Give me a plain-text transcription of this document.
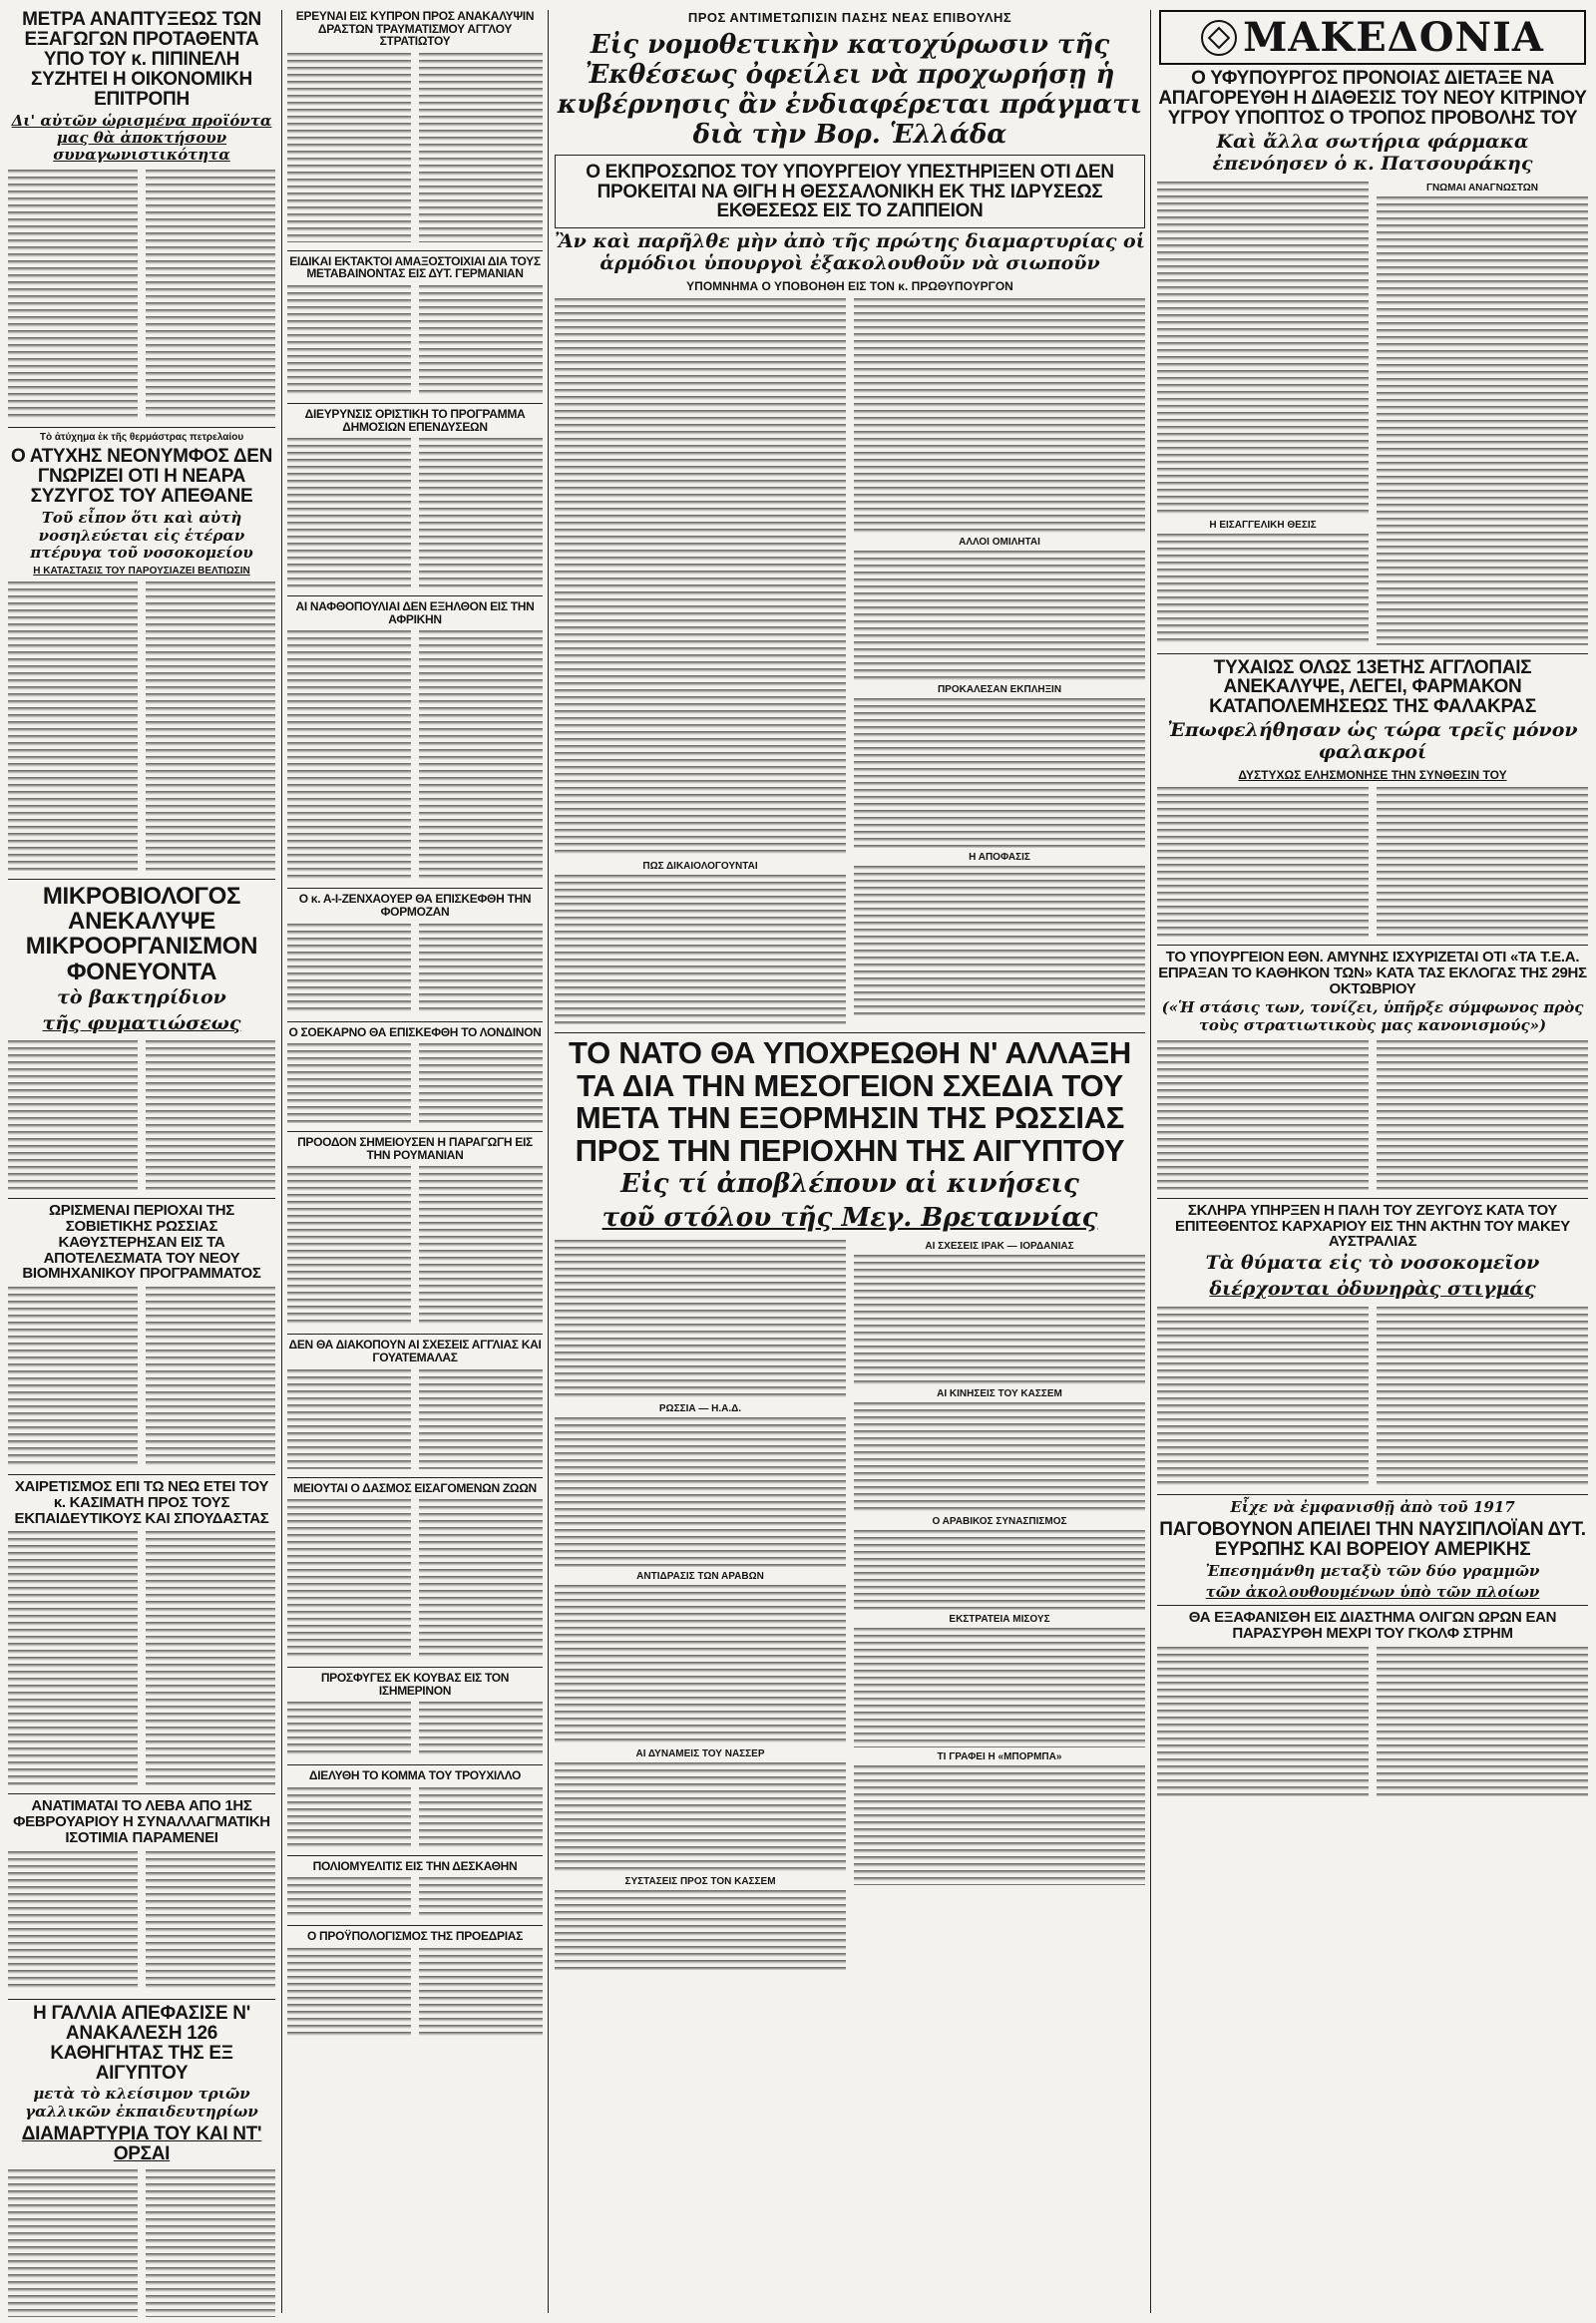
ΜΕΤΡΑ ΑΝΑΠΤΥΞΕΩΣ ΤΩΝ ΕΞΑΓΩΓΩΝ ΠΡΟΤΑΘΕΝΤΑ ΥΠΟ ΤΟΥ κ. ΠΙΠΙΝΕΛΗ ΣΥΖΗΤΕΙ Η ΟΙΚΟΝΟΜΙΚΗ ΕΠΙΤΡΟΠΗ
Δι' αὐτῶν ὡρισμένα προϊόντα μας θὰ ἀποκτήσουν συναγωνιστικότητα
Τὸ ἀτύχημα ἐκ τῆς θερμάστρας πετρελαίου
Ο ΑΤΥΧΗΣ ΝΕΟΝΥΜΦΟΣ ΔΕΝ ΓΝΩΡΙΖΕΙ ΟΤΙ Η ΝΕΑΡΑ ΣΥΖΥΓΟΣ ΤΟΥ ΑΠΕΘΑΝΕ
Τοῦ εἶπον ὅτι καὶ αὐτὴ νοσηλεύεται εἰς ἑτέραν πτέρυγα τοῦ νοσοκομείου
Η ΚΑΤΑΣΤΑΣΙΣ ΤΟΥ ΠΑΡΟΥΣΙΑΖΕΙ ΒΕΛΤΙΩΣΙΝ
ΜΙΚΡΟΒΙΟΛΟΓΟΣ ΑΝΕΚΑΛΥΨΕ ΜΙΚΡΟΟΡΓΑΝΙΣΜΟΝ ΦΟΝΕΥΟΝΤΑ
τὸ βακτηρίδιον
τῆς φυματιώσεως
ΩΡΙΣΜΕΝΑΙ ΠΕΡΙΟΧΑΙ ΤΗΣ ΣΟΒΙΕΤΙΚΗΣ ΡΩΣΣΙΑΣ ΚΑΘΥΣΤΕΡΗΣΑΝ ΕΙΣ ΤΑ ΑΠΟΤΕΛΕΣΜΑΤΑ ΤΟΥ ΝΕΟΥ ΒΙΟΜΗΧΑΝΙΚΟΥ ΠΡΟΓΡΑΜΜΑΤΟΣ
ΧΑΙΡΕΤΙΣΜΟΣ ΕΠΙ ΤΩ ΝΕΩ ΕΤΕΙ ΤΟΥ κ. ΚΑΣΙΜΑΤΗ ΠΡΟΣ ΤΟΥΣ ΕΚΠΑΙΔΕΥΤΙΚΟΥΣ ΚΑΙ ΣΠΟΥΔΑΣΤΑΣ
ΑΝΑΤΙΜΑΤΑΙ ΤΟ ΛΕΒΑ ΑΠΟ 1ΗΣ ΦΕΒΡΟΥΑΡΙΟΥ Η ΣΥΝΑΛΛΑΓΜΑΤΙΚΗ ΙΣΟΤΙΜΙΑ ΠΑΡΑΜΕΝΕΙ
Η ΓΑΛΛΙΑ ΑΠΕΦΑΣΙΣΕ Ν' ΑΝΑΚΑΛΕΣΗ 126 ΚΑΘΗΓΗΤΑΣ ΤΗΣ ΕΞ ΑΙΓΥΠΤΟΥ
μετὰ τὸ κλείσιμον τριῶν γαλλικῶν ἐκπαιδευτηρίων
ΔΙΑΜΑΡΤΥΡΙΑ ΤΟΥ ΚΑΙ ΝΤ' ΟΡΣΑΙ
ΕΡΕΥΝΑΙ ΕΙΣ ΚΥΠΡΟΝ ΠΡΟΣ ΑΝΑΚΑΛΥΨΙΝ ΔΡΑΣΤΩΝ ΤΡΑΥΜΑΤΙΣΜΟΥ ΑΓΓΛΟΥ ΣΤΡΑΤΙΩΤΟΥ
ΕΙΔΙΚΑΙ ΕΚΤΑΚΤΟΙ ΑΜΑΞΟΣΤΟΙΧΙΑΙ ΔΙΑ ΤΟΥΣ ΜΕΤΑΒΑΙΝΟΝΤΑΣ ΕΙΣ ΔΥΤ. ΓΕΡΜΑΝΙΑΝ
ΔΙΕΥΡΥΝΣΙΣ ΟΡΙΣΤΙΚΗ ΤΟ ΠΡΟΓΡΑΜΜΑ ΔΗΜΟΣΙΩΝ ΕΠΕΝΔΥΣΕΩΝ
ΑΙ ΝΑΦΘΟΠΟΥΛΙΑΙ ΔΕΝ ΕΞΗΛΘΟΝ ΕΙΣ ΤΗΝ ΑΦΡΙΚΗΝ
Ο κ. Α-Ι-ΖΕΝΧΑΟΥΕΡ ΘΑ ΕΠΙΣΚΕΦΘΗ ΤΗΝ ΦΟΡΜΟΖΑΝ
Ο ΣΟΕΚΑΡΝΟ ΘΑ ΕΠΙΣΚΕΦΘΗ ΤΟ ΛΟΝΔΙΝΟΝ
ΠΡΟΟΔΟΝ ΣΗΜΕΙΟΥΣΕΝ Η ΠΑΡΑΓΩΓΗ ΕΙΣ ΤΗΝ ΡΟΥΜΑΝΙΑΝ
ΔΕΝ ΘΑ ΔΙΑΚΟΠΟΥΝ ΑΙ ΣΧΕΣΕΙΣ ΑΓΓΛΙΑΣ ΚΑΙ ΓΟΥΑΤΕΜΑΛΑΣ
ΜΕΙΟΥΤΑΙ Ο ΔΑΣΜΟΣ ΕΙΣΑΓΟΜΕΝΩΝ ΖΩΩΝ
ΠΡΟΣΦΥΓΕΣ ΕΚ ΚΟΥΒΑΣ ΕΙΣ ΤΟΝ ΙΣΗΜΕΡΙΝΟΝ
ΔΙΕΛΥΘΗ ΤΟ ΚΟΜΜΑ ΤΟΥ ΤΡΟΥΧΙΛΛΟ
ΠΟΛΙΟΜΥΕΛΙΤΙΣ ΕΙΣ ΤΗΝ ΔΕΣΚΑΘΗΝ
Ο ΠΡΟΫΠΟΛΟΓΙΣΜΟΣ ΤΗΣ ΠΡΟΕΔΡΙΑΣ
ΠΡΟΣ ΑΝΤΙΜΕΤΩΠΙΣΙΝ ΠΑΣΗΣ ΝΕΑΣ ΕΠΙΒΟΥΛΗΣ
Εἰς νομοθετικὴν κατοχύρωσιν τῆς Ἐκθέσεως ὀφείλει νὰ προχωρήσῃ ἡ κυβέρνησις ἂν ἐνδιαφέρεται πράγματι διὰ τὴν Βορ. Ἑλλάδα
Ο ΕΚΠΡΟΣΩΠΟΣ ΤΟΥ ΥΠΟΥΡΓΕΙΟΥ ΥΠΕΣΤΗΡΙΞΕΝ ΟΤΙ ΔΕΝ ΠΡΟΚΕΙΤΑΙ ΝΑ ΘΙΓΗ Η ΘΕΣΣΑΛΟΝΙΚΗ ΕΚ ΤΗΣ ΙΔΡΥΣΕΩΣ ΕΚΘΕΣΕΩΣ ΕΙΣ ΤΟ ΖΑΠΠΕΙΟΝ
Ἂν καὶ παρῆλθε μὴν ἀπὸ τῆς πρώτης διαμαρτυρίας οἱ ἁρμόδιοι ὑπουργοὶ ἐξακολουθοῦν νὰ σιωποῦν
ΥΠΟΜΝΗΜΑ Ο ΥΠΟΒΟΗΘΗ ΕΙΣ ΤΟΝ κ. ΠΡΩΘΥΠΟΥΡΓΟΝ
ΠΩΣ ΔΙΚΑΙΟΛΟΓΟΥΝΤΑΙ
ΑΛΛΟΙ ΟΜΙΛΗΤΑΙ
ΠΡΟΚΑΛΕΣΑΝ ΕΚΠΛΗΞΙΝ
Η ΑΠΟΦΑΣΙΣ
ΤΟ ΝΑΤΟ ΘΑ ΥΠΟΧΡΕΩΘΗ Ν' ΑΛΛΑΞΗ ΤΑ ΔΙΑ ΤΗΝ ΜΕΣΟΓΕΙΟΝ ΣΧΕΔΙΑ ΤΟΥ ΜΕΤΑ ΤΗΝ ΕΞΟΡΜΗΣΙΝ ΤΗΣ ΡΩΣΣΙΑΣ ΠΡΟΣ ΤΗΝ ΠΕΡΙΟΧΗΝ ΤΗΣ ΑΙΓΥΠΤΟΥ
Εἰς τί ἀποβλέπουν αἱ κινήσεις
τοῦ στόλου τῆς Μεγ. Βρεταννίας
ΡΩΣΣΙΑ — Η.Α.Δ.
ΑΝΤΙΔΡΑΣΙΣ ΤΩΝ ΑΡΑΒΩΝ
ΑΙ ΔΥΝΑΜΕΙΣ ΤΟΥ ΝΑΣΣΕΡ
ΣΥΣΤΑΣΕΙΣ ΠΡΟΣ ΤΟΝ ΚΑΣΣΕΜ
ΑΙ ΣΧΕΣΕΙΣ ΙΡΑΚ — ΙΟΡΔΑΝΙΑΣ
ΑΙ ΚΙΝΗΣΕΙΣ ΤΟΥ ΚΑΣΣΕΜ
Ο ΑΡΑΒΙΚΟΣ ΣΥΝΑΣΠΙΣΜΟΣ
ΕΚΣΤΡΑΤΕΙΑ ΜΙΣΟΥΣ
ΤΙ ΓΡΑΦΕΙ Η «ΜΠΟΡΜΠΑ»
ΜΑΚΕΔΟΝΙΑ
Ο ΥΦΥΠΟΥΡΓΟΣ ΠΡΟΝΟΙΑΣ ΔΙΕΤΑΞΕ ΝΑ ΑΠΑΓΟΡΕΥΘΗ Η ΔΙΑΘΕΣΙΣ ΤΟΥ ΝΕΟΥ ΚΙΤΡΙΝΟΥ ΥΓΡΟΥ ΥΠΟΠΤΟΣ Ο ΤΡΟΠΟΣ ΠΡΟΒΟΛΗΣ ΤΟΥ
Καὶ ἄλλα σωτήρια φάρμακα ἐπενόησεν ὁ κ. Πατσουράκης
Η ΕΙΣΑΓΓΕΛΙΚΗ ΘΕΣΙΣ
ΓΝΩΜΑΙ ΑΝΑΓΝΩΣΤΩΝ
ΤΥΧΑΙΩΣ ΟΛΩΣ 13ΕΤΗΣ ΑΓΓΛΟΠΑΙΣ ΑΝΕΚΑΛΥΨΕ, ΛΕΓΕΙ, ΦΑΡΜΑΚΟΝ ΚΑΤΑΠΟΛΕΜΗΣΕΩΣ ΤΗΣ ΦΑΛΑΚΡΑΣ
Ἐπωφελήθησαν ὡς τώρα τρεῖς μόνον φαλακροί
ΔΥΣΤΥΧΩΣ ΕΛΗΣΜΟΝΗΣΕ ΤΗΝ ΣΥΝΘΕΣΙΝ ΤΟΥ
ΤΟ ΥΠΟΥΡΓΕΙΟΝ ΕΘΝ. ΑΜΥΝΗΣ ΙΣΧΥΡΙΖΕΤΑΙ ΟΤΙ «ΤΑ Τ.Ε.Α. ΕΠΡΑΞΑΝ ΤΟ ΚΑΘΗΚΟΝ ΤΩΝ» ΚΑΤΑ ΤΑΣ ΕΚΛΟΓΑΣ ΤΗΣ 29ΗΣ ΟΚΤΩΒΡΙΟΥ
(«Ἡ στάσις των, τονίζει, ὑπῆρξε σύμφωνος πρὸς τοὺς στρατιωτικοὺς μας κανονισμούς»)
ΣΚΛΗΡΑ ΥΠΗΡΞΕΝ Η ΠΑΛΗ ΤΟΥ ΖΕΥΓΟΥΣ ΚΑΤΑ ΤΟΥ ΕΠΙΤΕΘΕΝΤΟΣ ΚΑΡΧΑΡΙΟΥ ΕΙΣ ΤΗΝ ΑΚΤΗΝ ΤΟΥ ΜΑΚΕΥ ΑΥΣΤΡΑΛΙΑΣ
Τὰ θύματα εἰς τὸ νοσοκομεῖον
διέρχονται ὀδυνηρὰς στιγμάς
Εἶχε νὰ ἐμφανισθῇ ἀπὸ τοῦ 1917
ΠΑΓΟΒΟΥΝΟΝ ΑΠΕΙΛΕΙ ΤΗΝ ΝΑΥΣΙΠΛΟΪΑΝ ΔΥΤ. ΕΥΡΩΠΗΣ ΚΑΙ ΒΟΡΕΙΟΥ ΑΜΕΡΙΚΗΣ
Ἐπεσημάνθη μεταξὺ τῶν δύο γραμμῶν
τῶν ἀκολουθουμένων ὑπὸ τῶν πλοίων
ΘΑ ΕΞΑΦΑΝΙΣΘΗ ΕΙΣ ΔΙΑΣΤΗΜΑ ΟΛΙΓΩΝ ΩΡΩΝ ΕΑΝ ΠΑΡΑΣΥΡΘΗ ΜΕΧΡΙ ΤΟΥ ΓΚΟΛΦ ΣΤΡΗΜ
